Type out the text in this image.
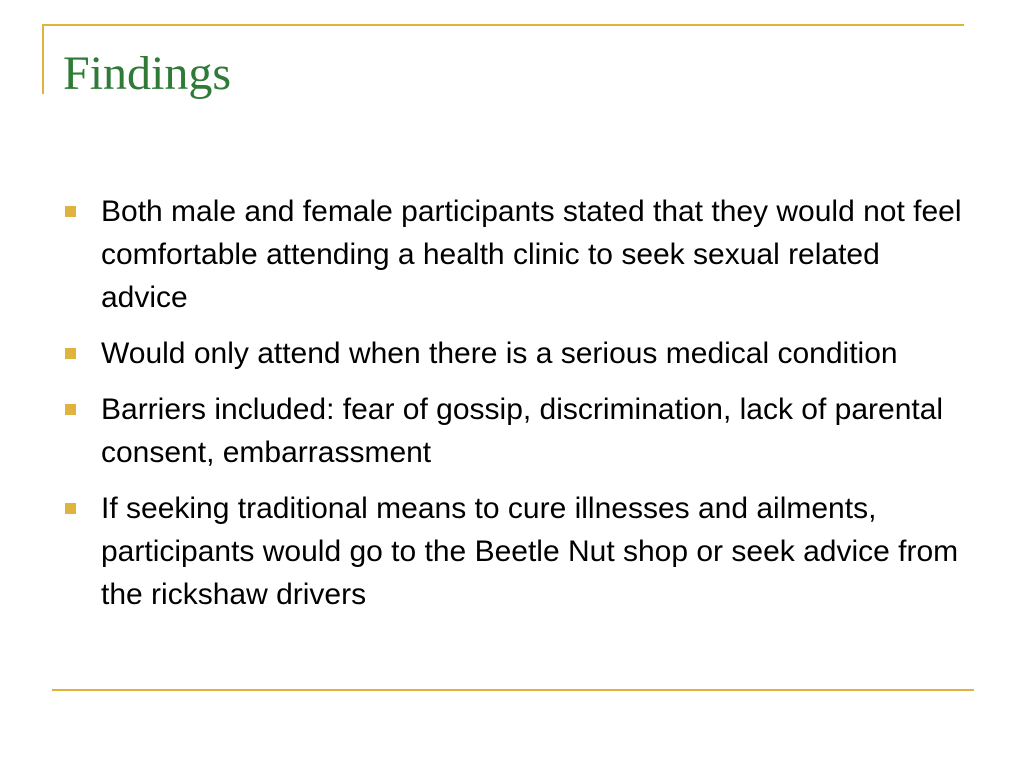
Findings
Both male and female participants stated that they would not feel comfortable attending a health clinic to seek sexual related advice
Would only attend when there is a serious medical condition
Barriers included: fear of gossip, discrimination, lack of parental consent, embarrassment
If seeking traditional means to cure illnesses and ailments, participants would go to the Beetle Nut shop or seek advice from the rickshaw drivers
